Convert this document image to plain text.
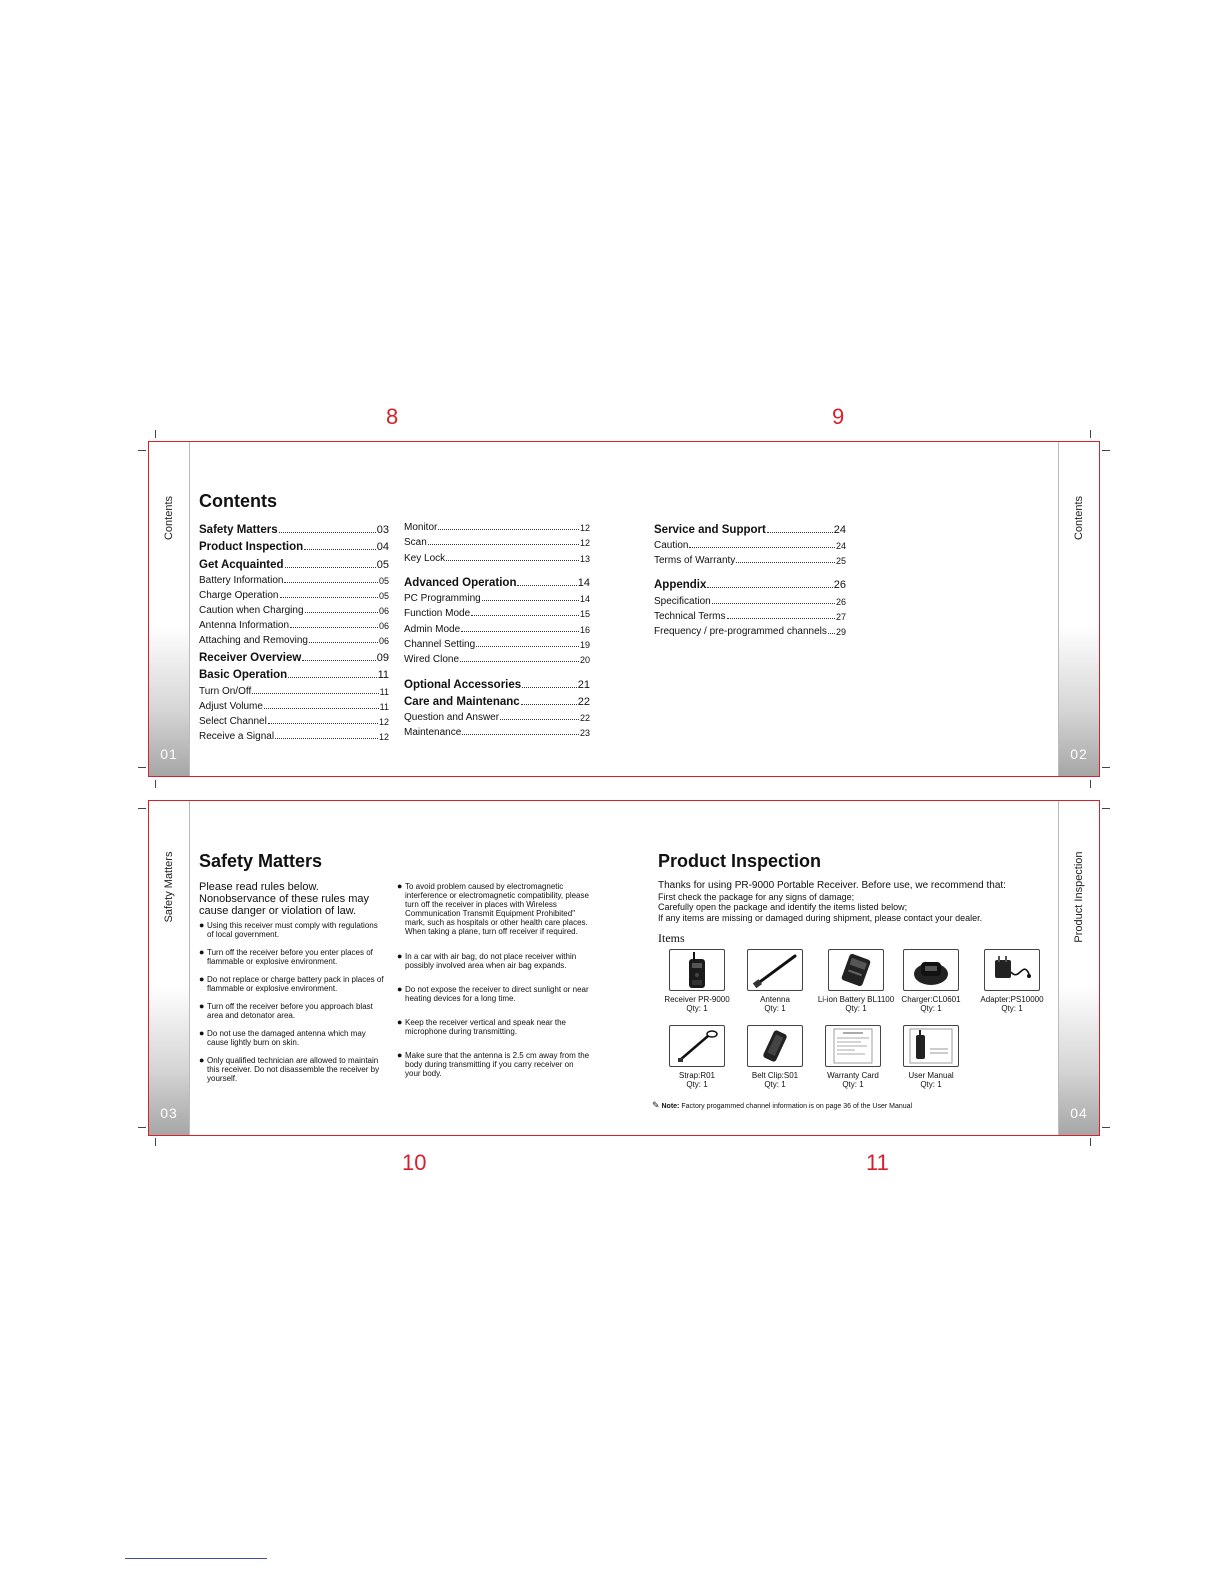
8	9
10	11
Contents
01
Contents
02
Contents
Safety Matters	03
Product Inspection	04
Get Acquainted	05
Battery Information	05
Charge Operation	05
Caution when Charging	06
Antenna Information	06
Attaching and Removing	06
Receiver Overview	09
Basic Operation	11
Turn On/Off	11
Adjust Volume	11
Select Channel	12
Receive a Signal	12
Monitor	12
Scan	12
Key Lock	13
Advanced Operation	14
PC Programming	14
Function Mode	15
Admin Mode	16
Channel Setting	19
Wired Clone	20
Optional Accessories	21
Care and Maintenanc	22
Question and Answer	22
Maintenance	23
Service and Support	24
Caution	24
Terms of Warranty	25
Appendix	26
Specification	26
Technical Terms	27
Frequency / pre-programmed channels 29
Safety Matters
03
Product Inspection
04
Safety Matters
Please read rules below. Nonobservance of these rules may cause danger or violation of law.
● Using this receiver must comply with regulations of local government.
● Turn off the receiver before you enter places of flammable or explosive environment.
● Do not replace or charge battery pack in places of flammable or explosive environment.
● Turn off the receiver before you approach blast area and detonator area.
● Do not use the damaged antenna which may cause lightly burn on skin.
● Only qualified technician are allowed to maintain this receiver. Do not disassemble the receiver by yourself.
● To avoid problem caused by electromagnetic interference or electromagnetic compatibility, please turn off the receiver in places with Wireless Communication Transmit Equipment Prohibited" mark, such as hospitals or other health care places. When taking a plane, turn off receiver if required.
● In a car with air bag, do not place receiver within possibly involved area when air bag expands.
● Do not expose the receiver to direct sunlight or near heating devices for a long time.
● Keep the receiver vertical and speak near the microphone during transmitting.
● Make sure that the antenna is 2.5 cm away from the body during transmitting if you carry receiver on your body.
Product Inspection
Thanks for using PR-9000 Portable Receiver. Before use, we recommend that:
First check the package for any signs of damage;
Carefully open the package and identify the items listed below;
If any items are missing or damaged during shipment, please contact your dealer.
Items
Receiver PR-9000
Qty: 1
Antenna
Qty: 1
Li-ion Battery BL1100
Qty: 1
Charger:CL0601
Qty: 1
Adapter:PS10000
Qty: 1
Strap:R01
Qty: 1
Belt Clip:S01
Qty: 1
Warranty Card
Qty: 1
User Manual
Qty: 1
✎ Note: Factory progammed channel information is on page 36 of the User Manual
